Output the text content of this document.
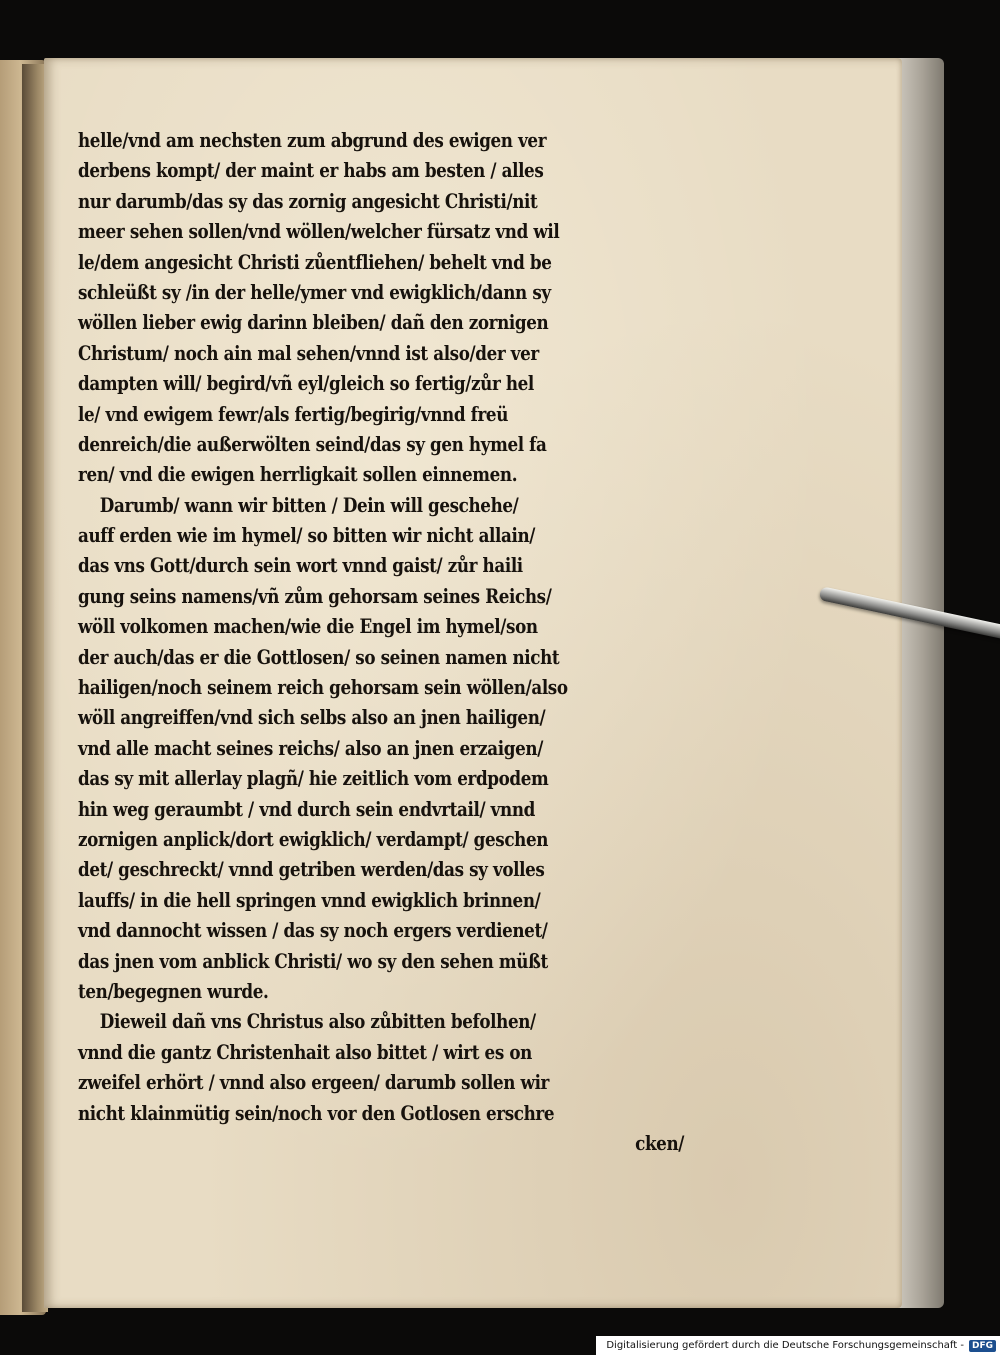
helle/vnd am nechsten zum abgrund des ewigen ver
derbens kompt/ der maint er habs am besten / alles
nur darumb/das sy das zornig angesicht Christi/nit
meer sehen sollen/vnd wöllen/welcher fürsatz vnd wil
le/dem angesicht Christi zůentfliehen/ behelt vnd be
schleüßt sy /in der helle/ymer vnd ewigklich/dann sy
wöllen lieber ewig darinn bleiben/ dañ den zornigen
Christum/ noch ain mal sehen/vnnd ist also/der ver
dampten will/ begird/vñ eyl/gleich so fertig/zůr hel
le/ vnd ewigem fewr/als fertig/begirig/vnnd freü
denreich/die außerwölten seind/das sy gen hymel fa
ren/ vnd die ewigen herrligkait sollen einnemen.
Darumb/ wann wir bitten / Dein will geschehe/
auff erden wie im hymel/ so bitten wir nicht allain/
das vns Gott/durch sein wort vnnd gaist/ zůr haili
gung seins namens/vñ zům gehorsam seines Reichs/
wöll volkomen machen/wie die Engel im hymel/son
der auch/das er die Gottlosen/ so seinen namen nicht
hailigen/noch seinem reich gehorsam sein wöllen/also
wöll angreiffen/vnd sich selbs also an jnen hailigen/
vnd alle macht seines reichs/ also an jnen erzaigen/
das sy mit allerlay plagñ/ hie zeitlich vom erdpodem
hin weg geraumbt / vnd durch sein endvrtail/ vnnd
zornigen anplick/dort ewigklich/ verdampt/ geschen
det/ geschreckt/ vnnd getriben werden/das sy volles
lauffs/ in die hell springen vnnd ewigklich brinnen/
vnd dannocht wissen / das sy noch ergers verdienet/
das jnen vom anblick Christi/ wo sy den sehen müßt
ten/begegnen wurde.
Dieweil dañ vns Christus also zůbitten befolhen/
vnnd die gantz Christenhait also bittet / wirt es on
zweifel erhört / vnnd also ergeen/ darumb sollen wir
nicht klainmütig sein/noch vor den Gotlosen erschre
cken/
Digitalisierung gefördert durch die Deutsche Forschungsgemeinschaft - DFG
